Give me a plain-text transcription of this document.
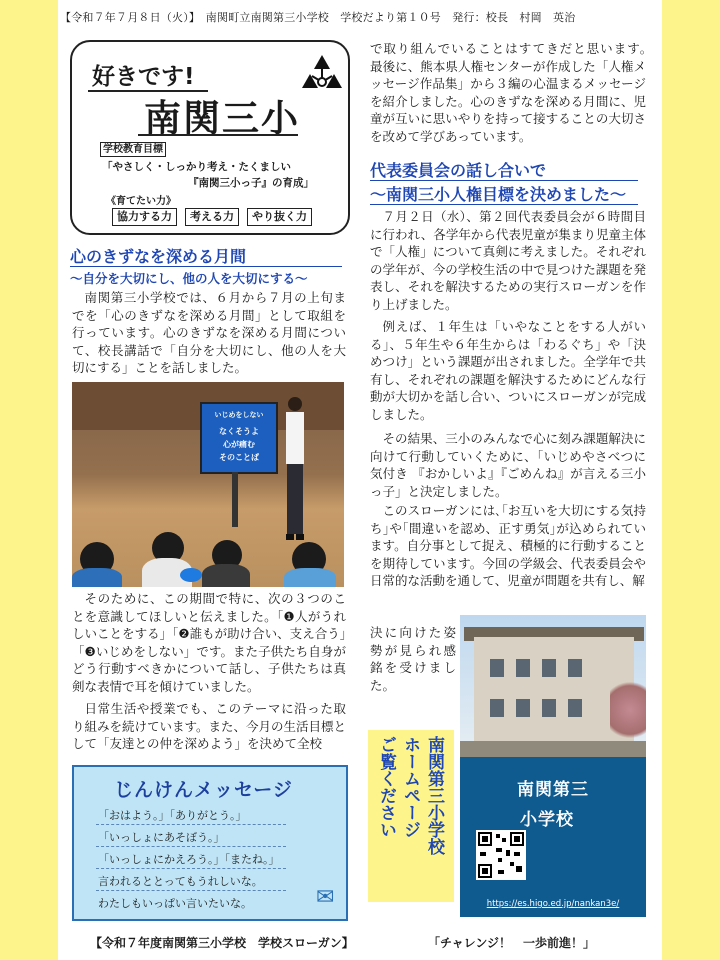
【令和７年７月８日（火）】　南関町立南関第三小学校　学校だより第１０号　発行：校長　村岡　英治
好きです!
南関三小
学校教育目標
「やさしく・しっかり考え・たくましい
『南関三小っ子』の育成」
《育てたい力》
協力する力	考える力	やり抜く力
心のきずなを深める月間
～自分を大切にし、他の人を大切にする～

南関第三小学校では、６月から７月の上旬までを「心のきずなを深める月間」として取組を行っています。心のきずなを深める月間について、校長講話で「自分を大切にし、他の人を大切にする」ことを話しました。

いじめをしない
なくそうよ
心が痛む
そのことば

そのために、この期間で特に、次の３つのことを意識してほしいと伝えました。「❶人がうれしいことをする」「❷誰もが助け合い、支え合う」「❸いじめをしない」です。また子供たち自身がどう行動すべきかについて話し、子供たちは真剣な表情で耳を傾けていました。

日常生活や授業でも、このテーマに沿った取り組みを続けています。また、今月の生活目標として「友達との仲を深めよう」を決めて全校

じんけんメッセージ
「おはよう。」「ありがとう。」
「いっしょにあそぼう。」
「いっしょにかえろう。」「またね。」
言われるととってもうれしいな。
わたしもいっぱい言いたいな。	✉

で取り組んでいることはすてきだと思います。　最後に、熊本県人権センターが作成した「人権メッセージ作品集」から３編の心温まるメッセージを紹介しました。心のきずなを深める月間に、児童が互いに思いやりを持って接することの大切さを改めて学びあっています。

代表委員会の話し合いで
～南関三小人権目標を決めました～

７月２日（水）、第２回代表委員会が６時間目に行われ、各学年から代表児童が集まり児童主体で「人権」について真剣に考えました。それぞれの学年が、今の学校生活の中で見つけた課題を発表し、それを解決するための実行スローガンを作り上げました。

例えば、１年生は「いやなことをする人がいる」、５年生や６年生からは「わるぐち」や「決めつけ」という課題が出されました。全学年で共有し、それぞれの課題を解決するためにどんな行動が大切かを話し合い、ついにスローガンが完成しました。

その結果、三小のみんなで心に刻み課題解決に向けて行動していくために、「いじめやさべつに気付き 『おかしいよ』『ごめんね』が言える三小っ子」と決定しました。

このスローガンには､｢お互いを大切にする気持ち｣や｢間違いを認め、正す勇気｣が込められています。自分事として捉え、積極的に行動することを期待しています。今回の学級会、代表委員会や日常的な活動を通して、児童が問題を共有し、解

決に向けた姿勢が見られ感銘を受けました。

南関第三小学校
ホームページ
ご覧ください	南関第三
小学校
https://es.higo.ed.jp/nankan3e/
【令和７年度南関第三小学校　学校スローガン】	「チャレンジ！　一歩前進！」
